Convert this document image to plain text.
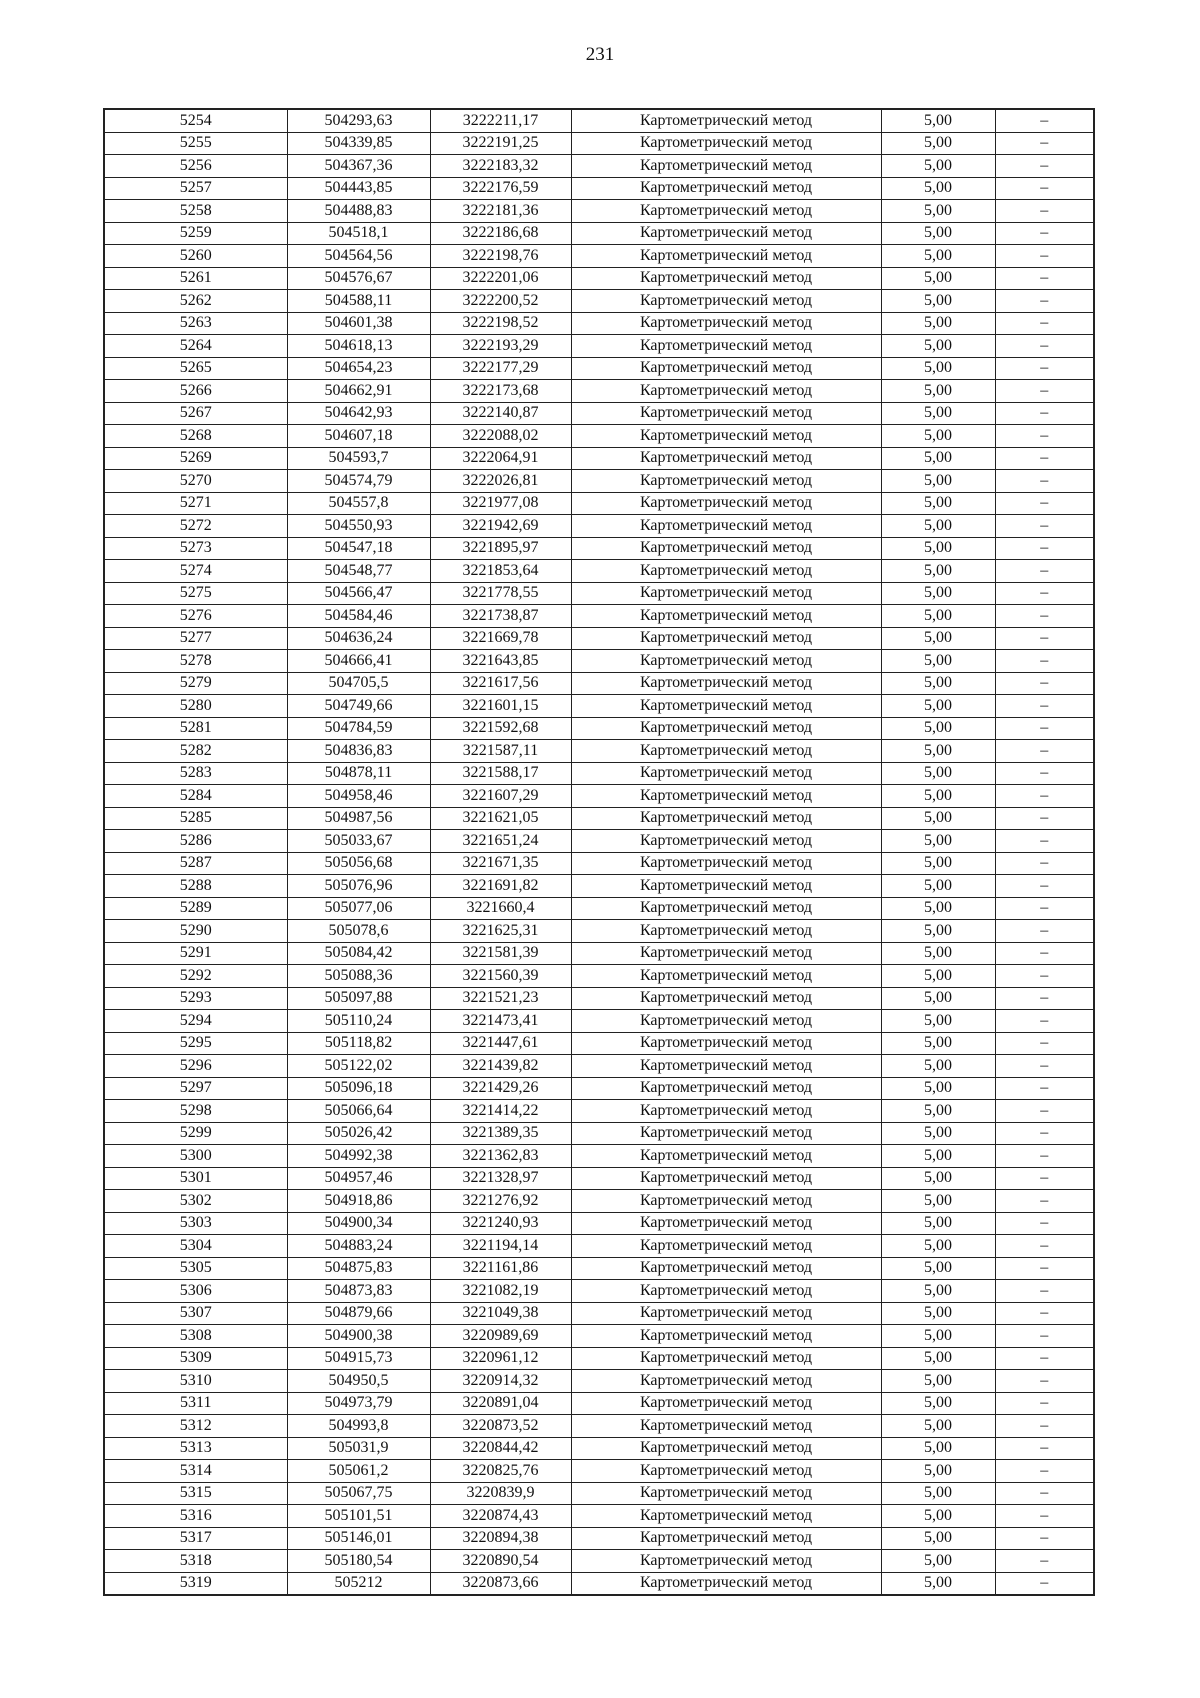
231
5254	504293,63	3222211,17	Картометрический метод	5,00	–
5255	504339,85	3222191,25	Картометрический метод	5,00	–
5256	504367,36	3222183,32	Картометрический метод	5,00	–
5257	504443,85	3222176,59	Картометрический метод	5,00	–
5258	504488,83	3222181,36	Картометрический метод	5,00	–
5259	504518,1	3222186,68	Картометрический метод	5,00	–
5260	504564,56	3222198,76	Картометрический метод	5,00	–
5261	504576,67	3222201,06	Картометрический метод	5,00	–
5262	504588,11	3222200,52	Картометрический метод	5,00	–
5263	504601,38	3222198,52	Картометрический метод	5,00	–
5264	504618,13	3222193,29	Картометрический метод	5,00	–
5265	504654,23	3222177,29	Картометрический метод	5,00	–
5266	504662,91	3222173,68	Картометрический метод	5,00	–
5267	504642,93	3222140,87	Картометрический метод	5,00	–
5268	504607,18	3222088,02	Картометрический метод	5,00	–
5269	504593,7	3222064,91	Картометрический метод	5,00	–
5270	504574,79	3222026,81	Картометрический метод	5,00	–
5271	504557,8	3221977,08	Картометрический метод	5,00	–
5272	504550,93	3221942,69	Картометрический метод	5,00	–
5273	504547,18	3221895,97	Картометрический метод	5,00	–
5274	504548,77	3221853,64	Картометрический метод	5,00	–
5275	504566,47	3221778,55	Картометрический метод	5,00	–
5276	504584,46	3221738,87	Картометрический метод	5,00	–
5277	504636,24	3221669,78	Картометрический метод	5,00	–
5278	504666,41	3221643,85	Картометрический метод	5,00	–
5279	504705,5	3221617,56	Картометрический метод	5,00	–
5280	504749,66	3221601,15	Картометрический метод	5,00	–
5281	504784,59	3221592,68	Картометрический метод	5,00	–
5282	504836,83	3221587,11	Картометрический метод	5,00	–
5283	504878,11	3221588,17	Картометрический метод	5,00	–
5284	504958,46	3221607,29	Картометрический метод	5,00	–
5285	504987,56	3221621,05	Картометрический метод	5,00	–
5286	505033,67	3221651,24	Картометрический метод	5,00	–
5287	505056,68	3221671,35	Картометрический метод	5,00	–
5288	505076,96	3221691,82	Картометрический метод	5,00	–
5289	505077,06	3221660,4	Картометрический метод	5,00	–
5290	505078,6	3221625,31	Картометрический метод	5,00	–
5291	505084,42	3221581,39	Картометрический метод	5,00	–
5292	505088,36	3221560,39	Картометрический метод	5,00	–
5293	505097,88	3221521,23	Картометрический метод	5,00	–
5294	505110,24	3221473,41	Картометрический метод	5,00	–
5295	505118,82	3221447,61	Картометрический метод	5,00	–
5296	505122,02	3221439,82	Картометрический метод	5,00	–
5297	505096,18	3221429,26	Картометрический метод	5,00	–
5298	505066,64	3221414,22	Картометрический метод	5,00	–
5299	505026,42	3221389,35	Картометрический метод	5,00	–
5300	504992,38	3221362,83	Картометрический метод	5,00	–
5301	504957,46	3221328,97	Картометрический метод	5,00	–
5302	504918,86	3221276,92	Картометрический метод	5,00	–
5303	504900,34	3221240,93	Картометрический метод	5,00	–
5304	504883,24	3221194,14	Картометрический метод	5,00	–
5305	504875,83	3221161,86	Картометрический метод	5,00	–
5306	504873,83	3221082,19	Картометрический метод	5,00	–
5307	504879,66	3221049,38	Картометрический метод	5,00	–
5308	504900,38	3220989,69	Картометрический метод	5,00	–
5309	504915,73	3220961,12	Картометрический метод	5,00	–
5310	504950,5	3220914,32	Картометрический метод	5,00	–
5311	504973,79	3220891,04	Картометрический метод	5,00	–
5312	504993,8	3220873,52	Картометрический метод	5,00	–
5313	505031,9	3220844,42	Картометрический метод	5,00	–
5314	505061,2	3220825,76	Картометрический метод	5,00	–
5315	505067,75	3220839,9	Картометрический метод	5,00	–
5316	505101,51	3220874,43	Картометрический метод	5,00	–
5317	505146,01	3220894,38	Картометрический метод	5,00	–
5318	505180,54	3220890,54	Картометрический метод	5,00	–
5319	505212	3220873,66	Картометрический метод	5,00	–
